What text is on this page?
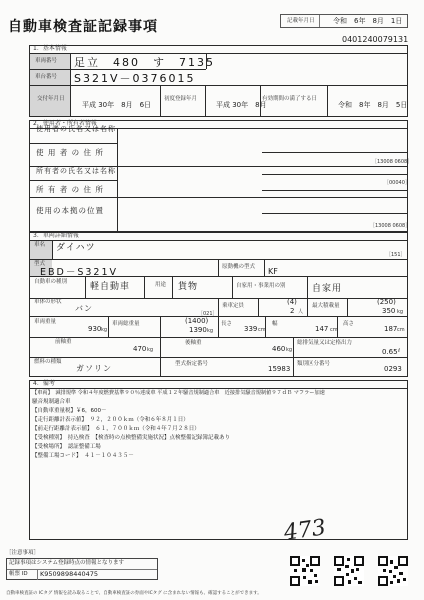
自動車検査証記録事項	記載年月日	令和　6年　8月　1日
0401240079131
1．基本情報
車両番号 足立　480　す　7135
車台番号 S321V－0376015
交付年月日
平成 30年　8月　6日
初度登録年月
平成 30年　8月
有効期間の満了する日
令和　8年　8月　5日
2．使用者・所有者情報
使用者の氏名又は名称
使 用 者 の 住 所
［13008 0608］
所有者の氏名又は名称
［00040］
所 有 者 の 住 所
使用の本拠の位置
［13008 0608］
3．車両詳細情報
車名 ダイハツ
［151］
型式
EBD－S321V	原動機の型式 KF
自動車の種別	軽自動車	用途 貨物	自家用・事業用の別	自家用
車体の形状
バン
［021］
乗車定員	(4)
2 人
最大積載量	(250)
350 kg
車両重量
930 kg
車両総重量	(1400)
1390 kg
長さ
339 cm
幅
147 cm
高さ
187 cm
前軸重
470 kg
後軸重
460 kg
総排気量又は定格出力
0.65 ℓ
燃料の種類
ガソリン	型式指定番号
15983
類別区分番号
0293
4．備考
【車両】　減排規準 令和４年度燃費基準９０％達成車 平成１２年騒音規制適合車　近接排気騒音規制値９７ｄＢ マフラー加速
騒音規制適合車
【自動車重量税】￥6，600－
【走行距離計表示値】　９２，２００ｋｍ（令和６年８月１日）
【前走行距離計表示値】　６１，７００ｋｍ（令和４年７月２８日）
【受検種別】　持込検査　【検査時の点検整備実施状況】点検整備記録簿記載あり
【受検場所】　認証整備工場
【整備工場コード】　４１－１０４３５－
473
［注意事項］
記録事項はシステム登録時点の情報となります
帳票 ID K9509898440475
自動車検査証の ICタグ 情報を読み取ることで、自動車検査証の券面やICタグ に含まれない情報も、確認することができます。
